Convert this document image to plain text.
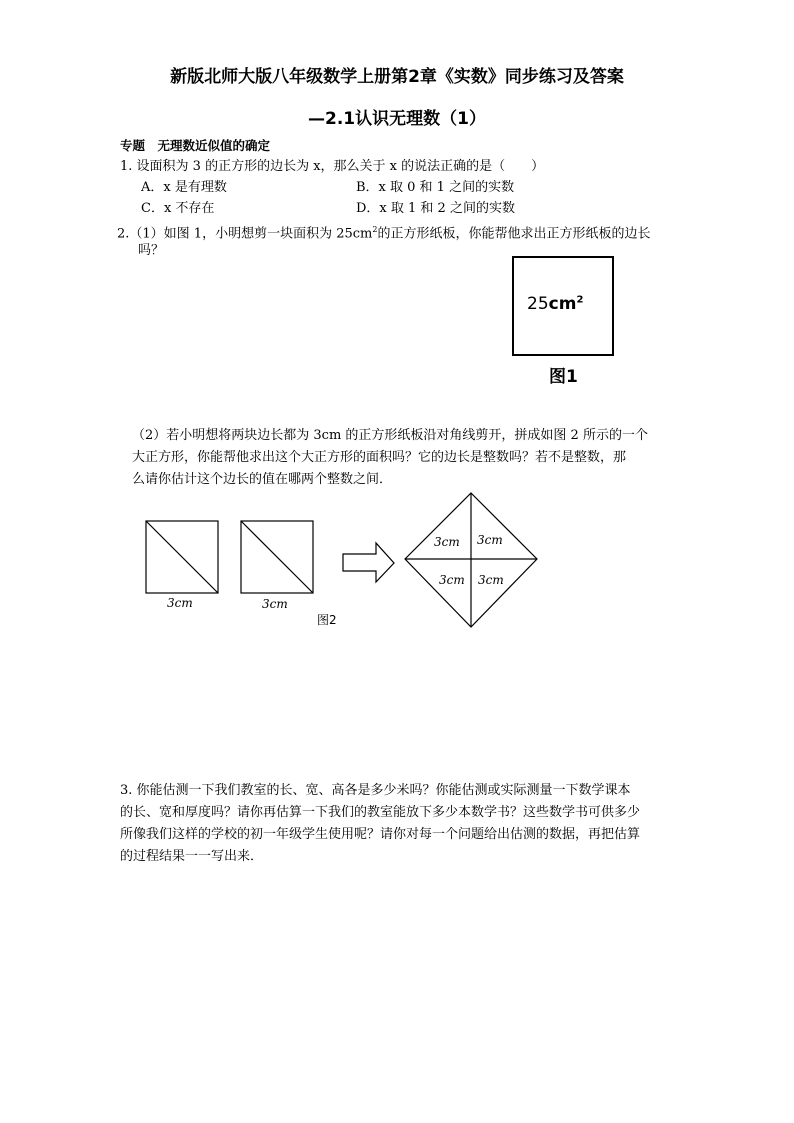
新版北师大版八年级数学上册第2章《实数》同步练习及答案
—2.1认识无理数（1）
专题　无理数近似值的确定
1. 设面积为 3 的正方形的边长为 x，那么关于 x 的说法正确的是（　　）
A．x 是有理数	B．x 取 0 和 1 之间的实数
C．x 不存在	D．x 取 1 和 2 之间的实数
2.（1）如图 1，小明想剪一块面积为 $25cm^2$的正方形纸板，你能帮他求出正方形纸板的边长
吗？
$25cm^2$
图1
（2）若小明想将两块边长都为 3cm 的正方形纸板沿对角线剪开，拼成如图 2 所示的一个
大正方形，你能帮他求出这个大正方形的面积吗？它的边长是整数吗？若不是整数，那
么请你估计这个边长的值在哪两个整数之间．
3cm	3cm
3cm 3cm
3cm 3cm
图2
3. 你能估测一下我们教室的长、宽、高各是多少米吗？你能估测或实际测量一下数学课本
的长、宽和厚度吗？请你再估算一下我们的教室能放下多少本数学书？这些数学书可供多少
所像我们这样的学校的初一年级学生使用呢？请你对每一个问题给出估测的数据，再把估算
的过程结果一一写出来．
